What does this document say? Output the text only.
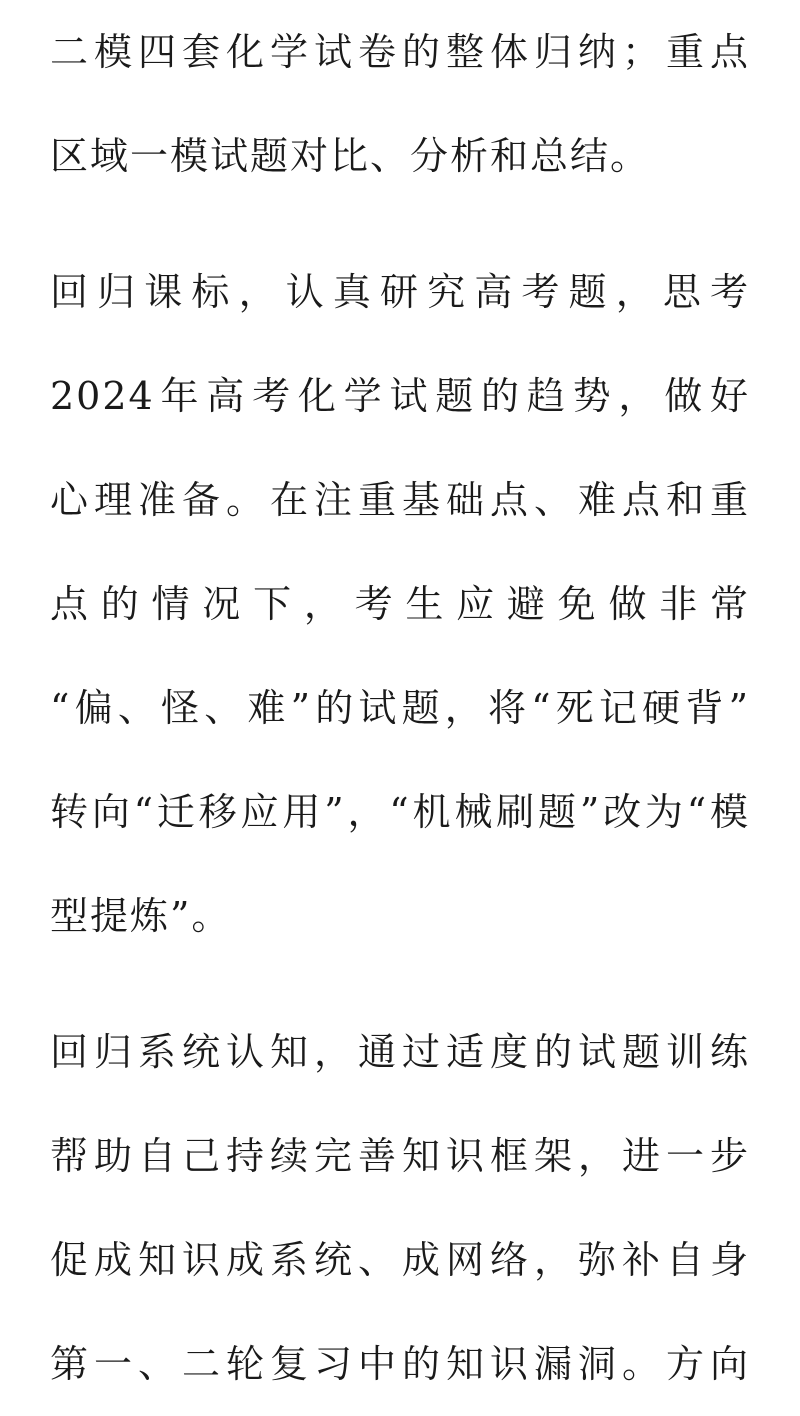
二模四套化学试卷的整体归纳；重点
区域一模试题对比、分析和总结。
回归课标，认真研究高考题，思考
2024年高考化学试题的趋势，做好
心理准备。在注重基础点、难点和重
点的情况下，考生应避免做非常
“偏、怪、难”的试题，将“死记硬背”
转向“迁移应用”，“机械刷题”改为“模
型提炼”。
回归系统认知，通过适度的试题训练
帮助自己持续完善知识框架，进一步
促成知识成系统、成网络，弥补自身
第一、二轮复习中的知识漏洞。方向
